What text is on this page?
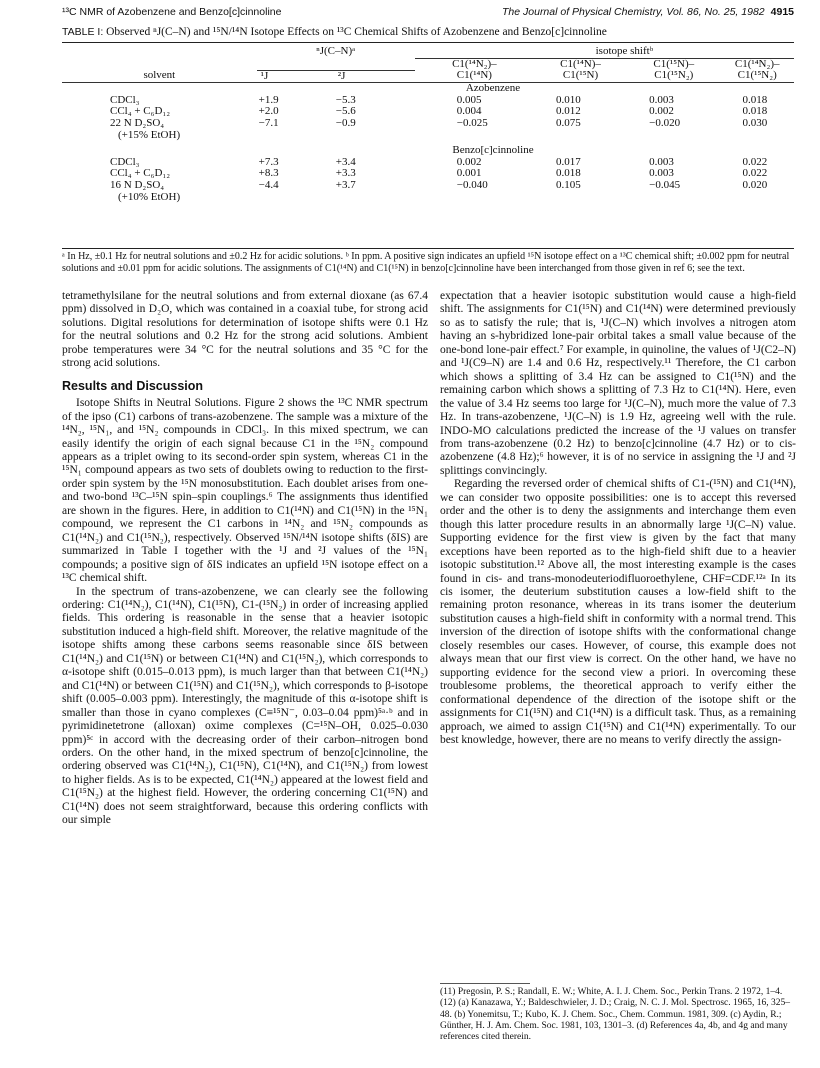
¹³C NMR of Azobenzene and Benzo[c]cinnoline	The Journal of Physical Chemistry, Vol. 86, No. 25, 1982 4915
TABLE I: Observed ⁿJ(C–N) and ¹⁵N/¹⁴N Isotope Effects on ¹³C Chemical Shifts of Azobenzene and Benzo[c]cinnoline
	ⁿJ(C–N)ᵃ		isotope shiftᵇ			
			C1(¹⁴N₂)–	C1(¹⁴N)–	C1(¹⁵N)–	C1(¹⁴N₂)–
solvent	¹J	²J	C1(¹⁴N)	C1(¹⁵N)	C1(¹⁵N₂)	C1(¹⁵N₂)
Azobenzene						
CDCl₃	+1.9	−5.3	0.005	0.010	0.003	0.018
CCl₄ + C₆D₁₂	+2.0	−5.6	0.004	0.012	0.002	0.018
22 N D₂SO₄	−7.1	−0.9	−0.025	0.075	−0.020	0.030
(+15% EtOH)						
Benzo[c]cinnoline						
CDCl₃	+7.3	+3.4	0.002	0.017	0.003	0.022
CCl₄ + C₆D₁₂	+8.3	+3.3	0.001	0.018	0.003	0.022
16 N D₂SO₄	−4.4	+3.7	−0.040	0.105	−0.045	0.020
(+10% EtOH)						
ᵃ In Hz, ±0.1 Hz for neutral solutions and ±0.2 Hz for acidic solutions. ᵇ In ppm. A positive sign indicates an upfield ¹⁵N isotope effect on a ¹³C chemical shift; ±0.002 ppm for neutral solutions and ±0.01 ppm for acidic solutions. The assignments of C1(¹⁴N) and C1(¹⁵N) in benzo[c]cinnoline have been interchanged from those given in ref 6; see the text.

tetramethylsilane for the neutral solutions and from external dioxane (as 67.4 ppm) dissolved in D₂O, which was contained in a coaxial tube, for strong acid solutions. Digital resolutions for determination of isotope shifts were 0.1 Hz for the neutral solutions and 0.2 Hz for the strong acid solutions. Ambient probe temperatures were 34 °C for the neutral solutions and 35 °C for the strong acid solutions.

Results and Discussion

Isotope Shifts in Neutral Solutions. Figure 2 shows the ¹³C NMR spectrum of the ipso (C1) carbons of trans-azobenzene. The sample was a mixture of the ¹⁴N₂, ¹⁵N₁, and ¹⁵N₂ compounds in CDCl₃. In this mixed spectrum, we can easily identify the origin of each signal because C1 in the ¹⁵N₂ compound appears as a triplet owing to its second-order spin system, whereas C1 in the ¹⁵N₁ compound appears as two sets of doublets owing to reduction to the first-order spin system by the ¹⁵N monosubstitution. Each doublet arises from one- and two-bond ¹³C–¹⁵N spin–spin couplings.⁶ The assignments thus identified are shown in the figures. Here, in addition to C1(¹⁴N) and C1(¹⁵N) in the ¹⁵N₁ compound, we represent the C1 carbons in ¹⁴N₂ and ¹⁵N₂ compounds as C1(¹⁴N₂) and C1(¹⁵N₂), respectively. Observed ¹⁵N/¹⁴N isotope shifts (δIS) are summarized in Table I together with the ¹J and ²J values of the ¹⁵N₁ compounds; a positive sign of δIS indicates an upfield ¹⁵N isotope effect on a ¹³C chemical shift.

In the spectrum of trans-azobenzene, we can clearly see the following ordering: C1(¹⁴N₂), C1(¹⁴N), C1(¹⁵N), C1-(¹⁵N₂) in order of increasing applied fields. This ordering is reasonable in the sense that a heavier isotopic substitution induced a high-field shift. Moreover, the relative magnitude of the isotope shifts among these carbons seems reasonable since δIS between C1(¹⁴N₂) and C1(¹⁵N) or between C1(¹⁴N) and C1(¹⁵N₂), which corresponds to α-isotope shift (0.015–0.013 ppm), is much larger than that between C1(¹⁴N₂) and C1(¹⁴N) or between C1(¹⁵N) and C1(¹⁵N₂), which corresponds to β-isotope shift (0.005–0.003 ppm). Interestingly, the magnitude of this α-isotope shift is smaller than those in cyano complexes (C≡¹⁵N⁻, 0.03–0.04 ppm)⁵ᵃ·ᵇ and in pyrimidinetetrone (alloxan) oxime complexes (C=¹⁵N–OH, 0.025–0.030 ppm)⁵ᶜ in accord with the decreasing order of their carbon–nitrogen bond orders. On the other hand, in the mixed spectrum of benzo[c]cinnoline, the ordering observed was C1(¹⁴N₂), C1(¹⁵N), C1(¹⁴N), and C1(¹⁵N₂) from lowest to higher fields. As is to be expected, C1(¹⁴N₂) appeared at the lowest field and C1(¹⁵N₂) at the highest field. However, the ordering concerning C1(¹⁵N) and C1(¹⁴N) does not seem straightforward, because this ordering conflicts with our simple

expectation that a heavier isotopic substitution would cause a high-field shift. The assignments for C1(¹⁵N) and C1(¹⁴N) were determined previously so as to satisfy the rule; that is, ¹J(C–N) which involves a nitrogen atom having an s-hybridized lone-pair orbital takes a small value because of the one-bond lone-pair effect.⁷ For example, in quinoline, the values of ¹J(C2–N) and ¹J(C9–N) are 1.4 and 0.6 Hz, respectively.¹¹ Therefore, the C1 carbon which shows a splitting of 3.4 Hz can be assigned to C1(¹⁵N) and the remaining carbon which shows a splitting of 7.3 Hz to C1(¹⁴N). Here, even the value of 3.4 Hz seems too large for ¹J(C–N), much more the value of 7.3 Hz. In trans-azobenzene, ¹J(C–N) is 1.9 Hz, agreeing well with the rule. INDO-MO calculations predicted the increase of the ¹J values on transfer from trans-azobenzene (0.2 Hz) to benzo[c]cinnoline (4.7 Hz) or to cis-azobenzene (4.8 Hz);⁶ however, it is of no service in assigning the ¹J and ²J splittings convincingly.

Regarding the reversed order of chemical shifts of C1-(¹⁵N) and C1(¹⁴N), we can consider two opposite possibilities: one is to accept this reversed order and the other is to deny the assignments and interchange them even though this latter procedure results in an abnormally large ¹J(C–N) value. Supporting evidence for the first view is given by the fact that many exceptions have been reported as to the high-field shift due to a heavier isotopic substitution.¹² Above all, the most interesting example is the cases found in cis- and trans-monodeuteriodifluoroethylene, CHF=CDF.¹²ᵃ In its cis isomer, the deuterium substitution causes a low-field shift to the remaining proton resonance, whereas in its trans isomer the deuterium substitution causes a high-field shift in conformity with a normal trend. This inversion of the direction of isotope shifts with the conformational change closely resembles our cases. However, of course, this example does not always mean that our first view is correct. On the other hand, we have no supporting evidence for the second view a priori. In overcoming these troublesome problems, the theoretical approach to verify either the conformational dependence of the direction of the isotope shift or the assignments for C1(¹⁵N) and C1(¹⁴N) is a difficult task. Thus, as a remaining approach, we aimed to assign C1(¹⁵N) and C1(¹⁴N) experimentally. To our best knowledge, however, there are no means to verify directly the assign-

(11) Pregosin, P. S.; Randall, E. W.; White, A. I. J. Chem. Soc., Perkin Trans. 2 1972, 1–4.

(12) (a) Kanazawa, Y.; Baldeschwieler, J. D.; Craig, N. C. J. Mol. Spectrosc. 1965, 16, 325–48. (b) Yonemitsu, T.; Kubo, K. J. Chem. Soc., Chem. Commun. 1981, 309. (c) Aydin, R.; Günther, H. J. Am. Chem. Soc. 1981, 103, 1301–3. (d) References 4a, 4b, and 4g and many references cited therein.
